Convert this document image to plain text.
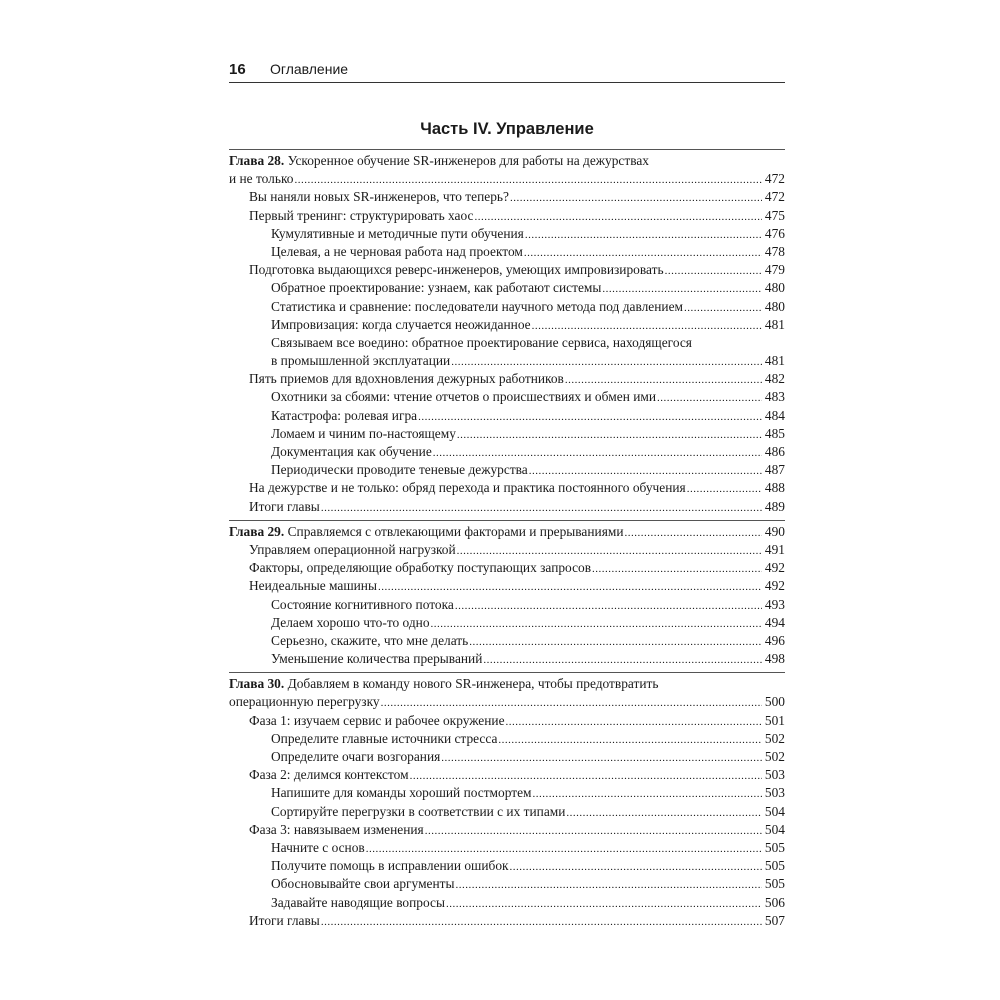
16 Оглавление
Часть IV. Управление
Глава 28. Ускоренное обучение SR-инженеров для работы на дежурствах
и не только .....	472
Вы наняли новых SR-инженеров, что теперь? .....	472
Первый тренинг: структурировать хаос .....	475
Кумулятивные и методичные пути обучения .....	476
Целевая, а не черновая работа над проектом .....	478
Подготовка выдающихся реверс-инженеров, умеющих импровизировать .....	479
Обратное проектирование: узнаем, как работают системы .....	480
Статистика и сравнение: последователи научного метода под давлением .....	480
Импровизация: когда случается неожиданное .....	481
Связываем все воедино: обратное проектирование сервиса, находящегося
в промышленной эксплуатации .....	481
Пять приемов для вдохновления дежурных работников .....	482
Охотники за сбоями: чтение отчетов о происшествиях и обмен ими .....	483
Катастрофа: ролевая игра .....	484
Ломаем и чиним по-настоящему .....	485
Документация как обучение .....	486
Периодически проводите теневые дежурства .....	487
На дежурстве и не только: обряд перехода и практика постоянного обучения .....	488
Итоги главы .....	489
Глава 29. Справляемся с отвлекающими факторами и прерываниями .....	490
Управляем операционной нагрузкой .....	491
Факторы, определяющие обработку поступающих запросов .....	492
Неидеальные машины .....	492
Состояние когнитивного потока .....	493
Делаем хорошо что-то одно .....	494
Серьезно, скажите, что мне делать .....	496
Уменьшение количества прерываний .....	498
Глава 30. Добавляем в команду нового SR-инженера, чтобы предотвратить
операционную перегрузку .....	500
Фаза 1: изучаем сервис и рабочее окружение .....	501
Определите главные источники стресса .....	502
Определите очаги возгорания .....	502
Фаза 2: делимся контекстом .....	503
Напишите для команды хороший постмортем .....	503
Сортируйте перегрузки в соответствии с их типами .....	504
Фаза 3: навязываем изменения .....	504
Начните с основ .....	505
Получите помощь в исправлении ошибок .....	505
Обосновывайте свои аргументы .....	505
Задавайте наводящие вопросы .....	506
Итоги главы .....	507
